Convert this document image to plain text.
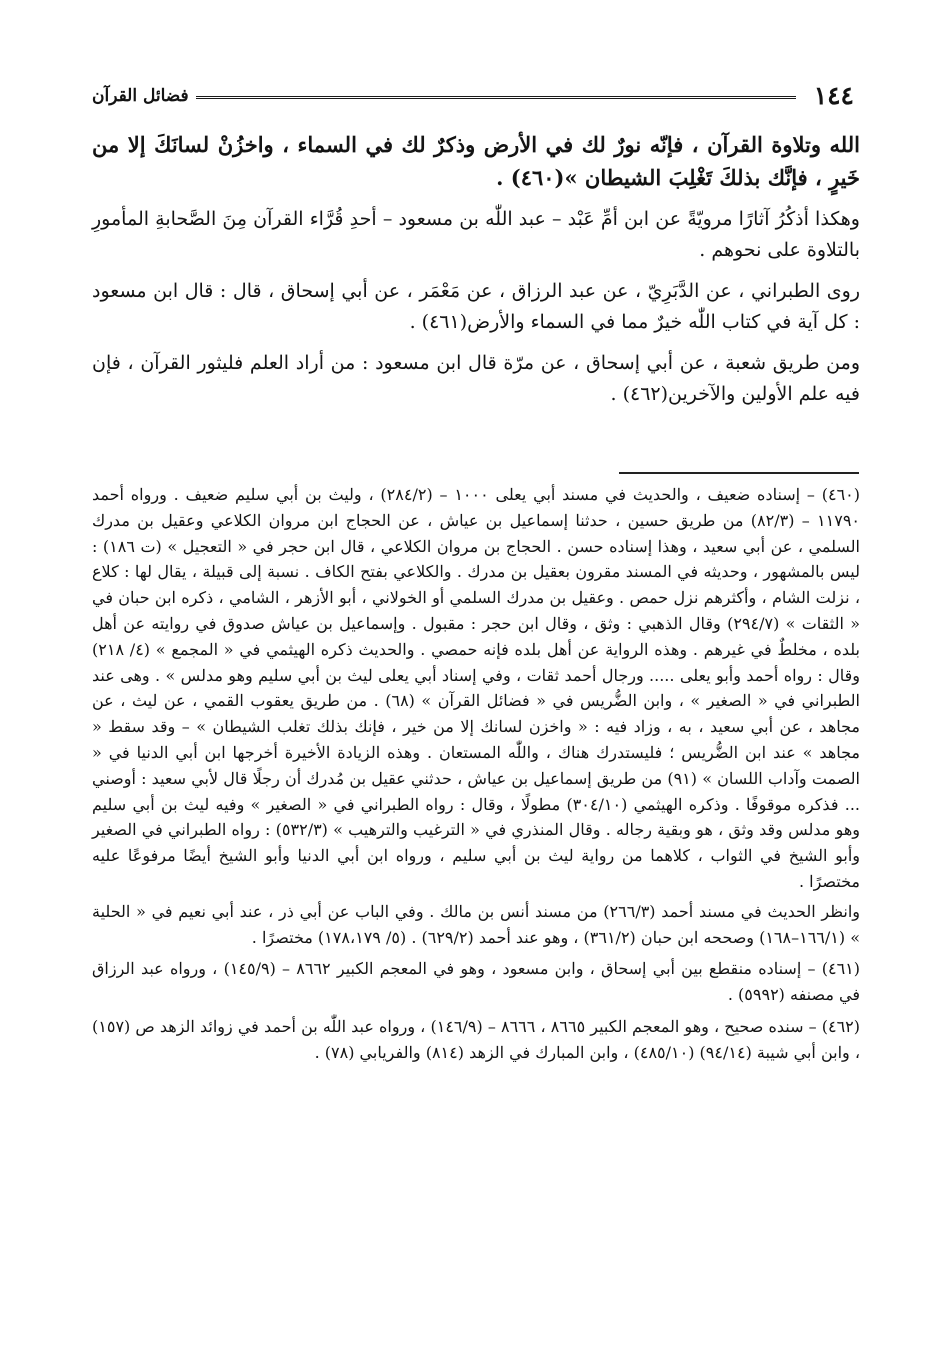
١٤٤
فضائل القرآن

الله وتلاوة القرآن ، فإنّه نورٌ لك في الأرض وذكرٌ لك في السماء ، واخزُنْ لسانَكَ إلا من خَيرٍ ، فإنَّك بذلكَ تَغْلِبَ الشيطان »(٤٦٠) .

وهكذا أذكُرُ آثارًا مرويّةً عن ابن أمِّ عَبْد – عبد اللّٰه بن مسعود – أحدِ قُرَّاء القرآن مِنَ الصَّحابةِ المأمورِ بالتلاوة على نحوهم .

روى الطبراني ، عن الدَّبَرِيّ ، عن عبد الرزاق ، عن مَعْمَر ، عن أبي إسحاق ، قال : قال ابن مسعود : كل آية في كتاب اللّٰه خيرٌ مما في السماء والأرض(٤٦١) .

ومن طريق شعبة ، عن أبي إسحاق ، عن مرّة قال ابن مسعود : من أراد العلم فليثور القرآن ، فإن فيه علم الأولين والآخرين(٤٦٢) .

(٤٦٠) – إسناده ضعيف ، والحديث في مسند أبي يعلى ١٠٠٠ – (٢٨٤/٢) ، وليث بن أبي سليم ضعيف . ورواه أحمد ١١٧٩٠ – (٨٢/٣) من طريق حسين ، حدثنا إسماعيل بن عياش ، عن الحجاج ابن مروان الكلاعي وعقيل بن مدرك السلمي ، عن أبي سعيد ، وهذا إسناده حسن . الحجاج بن مروان الكلاعي ، قال ابن حجر في « التعجيل » (ت ١٨٦) : ليس بالمشهور ، وحديثه في المسند مقرون بعقيل بن مدرك . والكلاعي بفتح الكاف . نسبة إلى قبيلة ، يقال لها : كلاع ، نزلت الشام ، وأكثرهم نزل حمص . وعقيل بن مدرك السلمي أو الخولاني ، أبو الأزهر ، الشامي ، ذكره ابن حبان في « الثقات » (٢٩٤/٧) وقال الذهبي : وثق ، وقال ابن حجر : مقبول . وإسماعيل بن عياش صدوق في روايته عن أهل بلده ، مخلطٌ في غيرهم . وهذه الرواية عن أهل بلده فإنه حمصي . والحديث ذكره الهيثمي في « المجمع » (٤/ ٢١٨) وقال : رواه أحمد وأبو يعلى ..... ورجال أحمد ثقات ، وفي إسناد أبي يعلى ليث بن أبي سليم وهو مدلس » . وهى عند الطبراني في « الصغير » ، وابن الضُّريس في « فضائل القرآن » (٦٨) . من طريق يعقوب القمي ، عن ليث ، عن مجاهد ، عن أبي سعيد ، به ، وزاد فيه : « واخزن لسانك إلا من خير ، فإنك بذلك تغلب الشيطان » – وقد سقط « مجاهد » عند ابن الضُّريس ؛ فليستدرك هناك ، واللّٰه المستعان . وهذه الزيادة الأخيرة أخرجها ابن أبي الدنيا في « الصمت وآداب اللسان » (٩١) من طريق إسماعيل بن عياش ، حدثني عقيل بن مُدرك أن رجلًا قال لأبي سعيد : أوصني ... فذكره موقوفًا . وذكره الهيثمي (٣٠٤/١٠) مطولًا ، وقال : رواه الطبراني في « الصغير » وفيه ليث بن أبي سليم وهو مدلس وقد وثق ، هو وبقية رجاله . وقال المنذري في « الترغيب والترهيب » (٥٣٢/٣) : رواه الطبراني في الصغير وأبو الشيخ في الثواب ، كلاهما من رواية ليث بن أبي سليم ، ورواه ابن أبي الدنيا وأبو الشيخ أيضًا مرفوعًا عليه مختصرًا .

وانظر الحديث في مسند أحمد (٢٦٦/٣) من مسند أنس بن مالك . وفي الباب عن أبي ذر ، عند أبي نعيم في « الحلية » (١٦٦/١–١٦٨) وصححه ابن حبان (٣٦١/٢) ، وهو عند أحمد (٦٢٩/٢) . (٥/ ١٧٨،١٧٩) مختصرًا .

(٤٦١) – إسناده منقطع بين أبي إسحاق ، وابن مسعود ، وهو في المعجم الكبير ٨٦٦٢ – (١٤٥/٩) ، ورواه عبد الرزاق في مصنفه (٥٩٩٢) .

(٤٦٢) – سنده صحيح ، وهو المعجم الكبير ٨٦٦٥ ، ٨٦٦٦ – (١٤٦/٩) ، ورواه عبد اللّٰه بن أحمد في زوائد الزهد ص (١٥٧) ، وابن أبي شيبة (٩٤/١٤) (٤٨٥/١٠) ، وابن المبارك في الزهد (٨١٤) والفريابي (٧٨) .
